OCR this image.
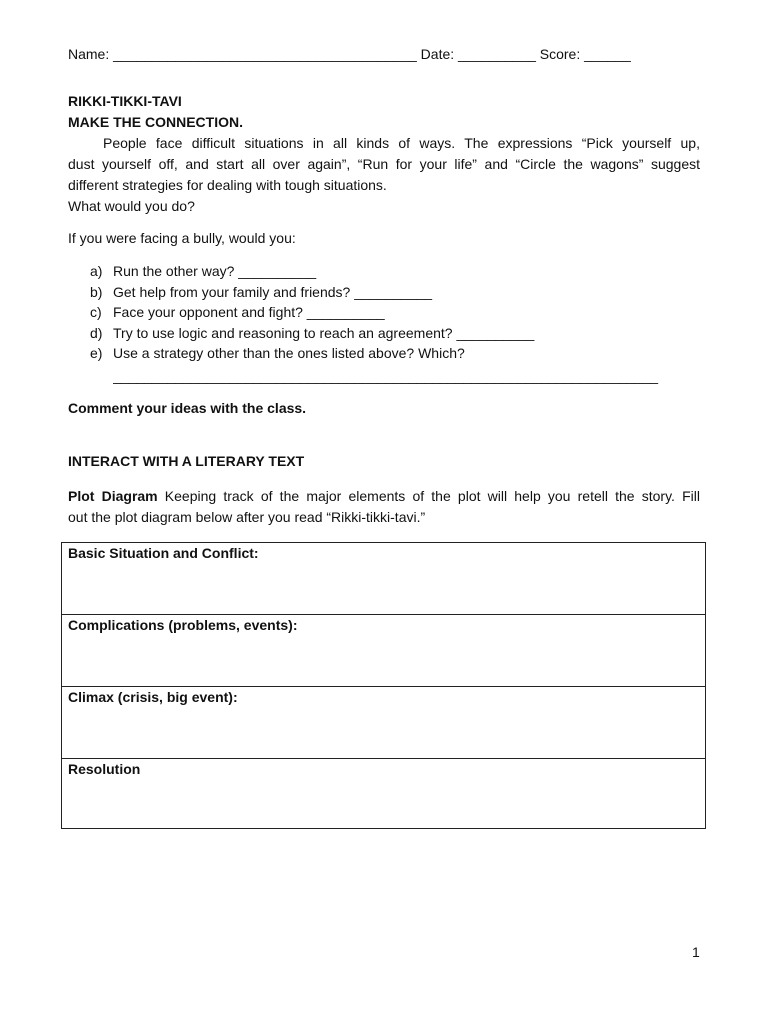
Name: _______________________________________ Date: __________ Score: ______
RIKKI-TIKKI-TAVI
MAKE THE CONNECTION.
People face difficult situations in all kinds of ways. The expressions “Pick yourself up,
dust yourself off, and start all over again”, “Run for your life” and “Circle the wagons” suggest
different strategies for dealing with tough situations.
What would you do?
If you were facing a bully, would you:
a) Run the other way? __________
b) Get help from your family and friends? __________
c) Face your opponent and fight? __________
d) Try to use logic and reasoning to reach an agreement? __________
e) Use a strategy other than the ones listed above? Which?
______________________________________________________________________
Comment your ideas with the class.
INTERACT WITH A LITERARY TEXT
Plot Diagram Keeping track of the major elements of the plot will help you retell the story. Fill
out the plot diagram below after you read “Rikki-tikki-tavi.”
Basic Situation and Conflict:
Complications (problems, events):
Climax (crisis, big event):
Resolution
1
